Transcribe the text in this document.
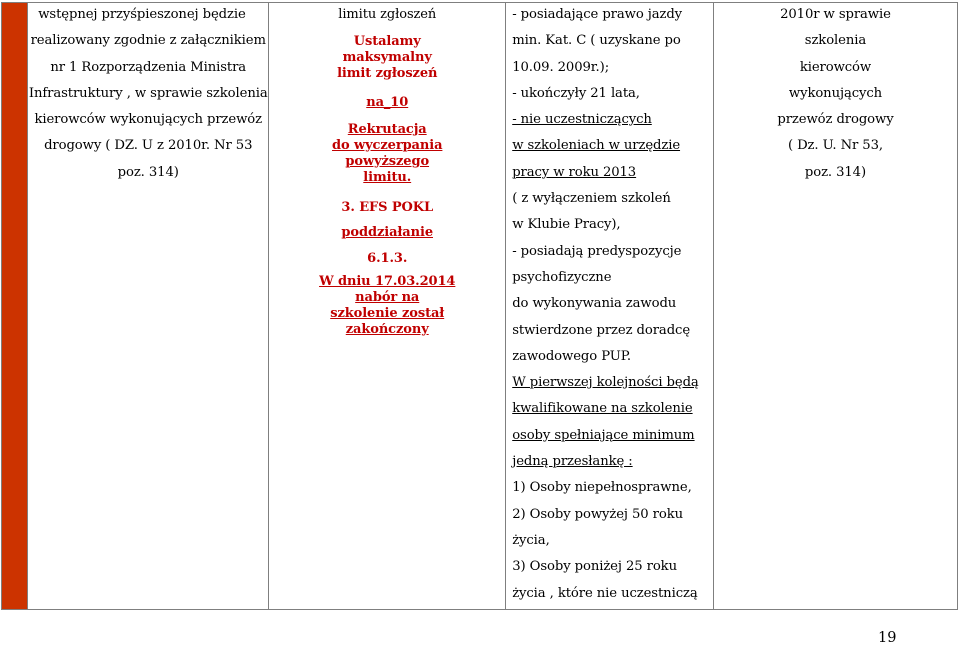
wstępnej przyśpieszonej będzie
realizowany zgodnie z załącznikiem
nr 1 Rozporządzenia Ministra
Infrastruktury , w sprawie szkolenia
kierowców wykonujących przewóz
drogowy ( DZ. U z 2010r. Nr 53
poz. 314)

limitu zgłoszeń
Ustalamy
maksymalny
limit zgłoszeń
na_10
Rekrutacja
do wyczerpania
powyższego
limitu.
3. EFS POKL
poddziałanie
6.1.3.
W dniu 17.03.2014
nabór na
szkolenie został
zakończony

- posiadające prawo jazdy
min. Kat. C ( uzyskane po
10.09. 2009r.);
- ukończyły 21 lata,
- nie uczestniczących
w szkoleniach w urzędzie
pracy w roku 2013
( z wyłączeniem szkoleń
w Klubie Pracy),
- posiadają predyspozycje
psychofizyczne
do wykonywania zawodu
stwierdzone przez doradcę
zawodowego PUP.
W pierwszej kolejności będą
kwalifikowane na szkolenie
osoby spełniające minimum
jedną przesłankę :
1) Osoby niepełnosprawne,
2) Osoby powyżej 50 roku
życia,
3) Osoby poniżej 25 roku
życia , które nie uczestniczą

2010r w sprawie
szkolenia
kierowców
wykonujących
przewóz drogowy
( Dz. U. Nr 53,
poz. 314)
19
